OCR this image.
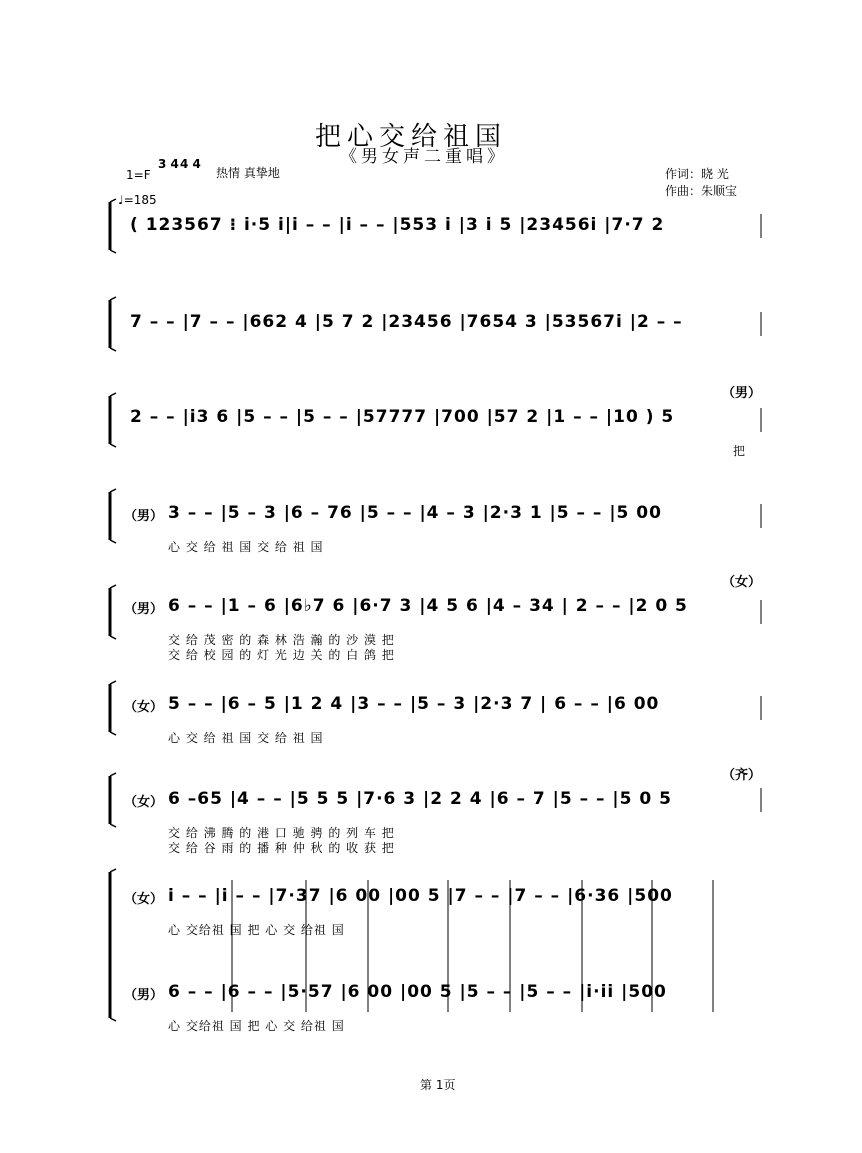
把心交给祖国
《男女声二重唱》
1=F
3 4 4 4
热情 真挚地
♩=185
作词：晓 光
作曲：朱顺宝
( 123567 ⁝ i·5 i|i – – |i – – |553 i |3 i 5 |23456i |7·7 2
7 – – |7 – – |662 4 |5 7 2 |23456 |7654 3 |53567i |2 – –
2 – – |i3 6 |5 – – |5 – – |57777 |700 |57 2 |1 – – |10 ) 5
（男）
把
（男） 3 – – |5 – 3 |6 – 76 |5 – – |4 – 3 |2·3 1 |5 – – |5 00
心 交 给 祖 国 交 给 祖 国
（男） 6 – – |1 – 6 |6♭7 6 |6·7 3 |4 5 6 |4 – 34 | 2 – – |2 0 5
交 给 茂 密 的 森 林 浩 瀚 的 沙 漠 把
交 给 校 园 的 灯 光 边 关 的 白 鸽 把
（女）
（女） 5 – – |6 – 5 |1 2 4 |3 – – |5 – 3 |2·3 7 | 6 – – |6 00
心 交 给 祖 国 交 给 祖 国
（女） 6 –65 |4 – – |5 5 5 |7·6 3 |2 2 4 |6 – 7 |5 – – |5 0 5
交 给 沸 腾 的 港 口 驰 骋 的 列 车 把
交 给 谷 雨 的 播 种 仲 秋 的 收 获 把
（齐）
（女） i – – |i – – |7·37 |6 00 |00 5 |7 – – |7 – – |6·36 |500
心 交给祖 国 把 心 交 给祖 国
（男） 6 – – |6 – – |5·57 |6 00 |00 5 |5 – – |5 – – |i·ii |500
心 交给祖 国 把 心 交 给祖 国
第 1页
